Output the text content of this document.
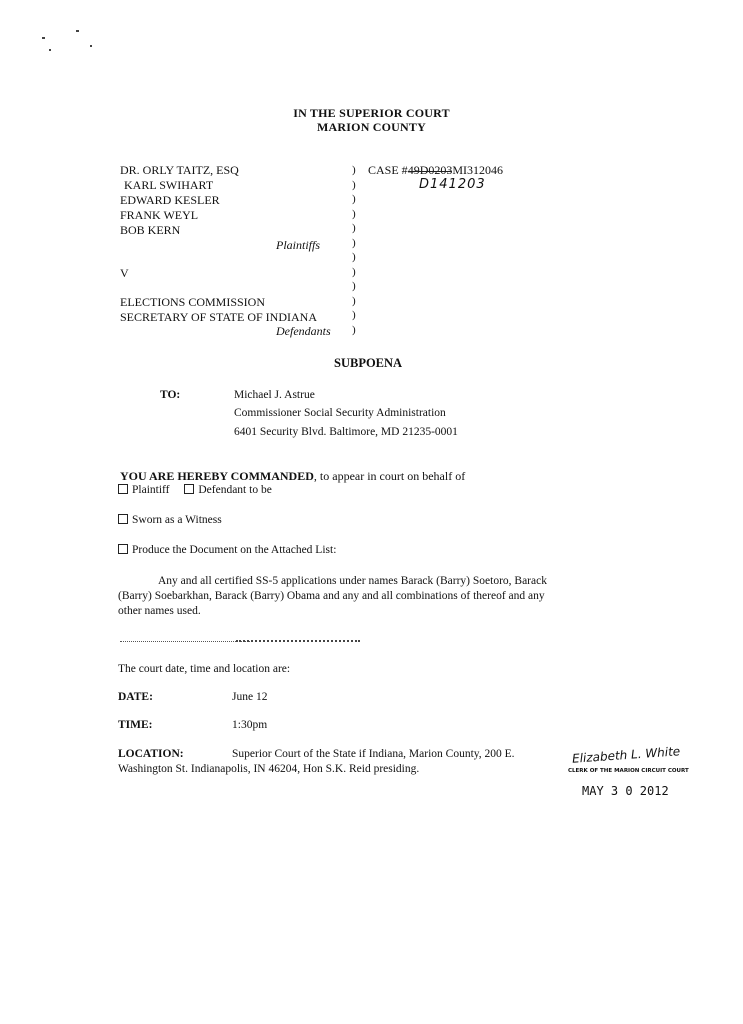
IN THE SUPERIOR COURT
MARION COUNTY
DR. ORLY TAITZ, ESQ
KARL SWIHART
EDWARD KESLER
FRANK WEYL
BOB KERN
Plaintiffs
V
ELECTIONS COMMISSION
SECRETARY OF STATE OF INDIANA
Defendants
)
)
)
)
)
)
)
)
)
)
)
)
CASE #49D0203MI312046
D141203
SUBPOENA
TO:	Michael J. Astrue
Commissioner Social Security Administration
6401 Security Blvd. Baltimore, MD 21235-0001
YOU ARE HEREBY COMMANDED, to appear in court on behalf of
Plaintiff	Defendant to be
Sworn as a Witness
Produce the Document on the Attached List:
Any and all certified SS-5 applications under names Barack (Barry) Soetoro, Barack
(Barry) Soebarkhan, Barack (Barry) Obama and any and all combinations of thereof and any
other names used.
The court date, time and location are:
DATE:	June 12
TIME:	1:30pm
LOCATION:	Superior Court of the State if Indiana, Marion County, 200 E.
Washington St. Indianapolis, IN 46204, Hon S.K. Reid presiding.
Elizabeth L. White
CLERK OF THE MARION CIRCUIT COURT
MAY 3 0 2012
